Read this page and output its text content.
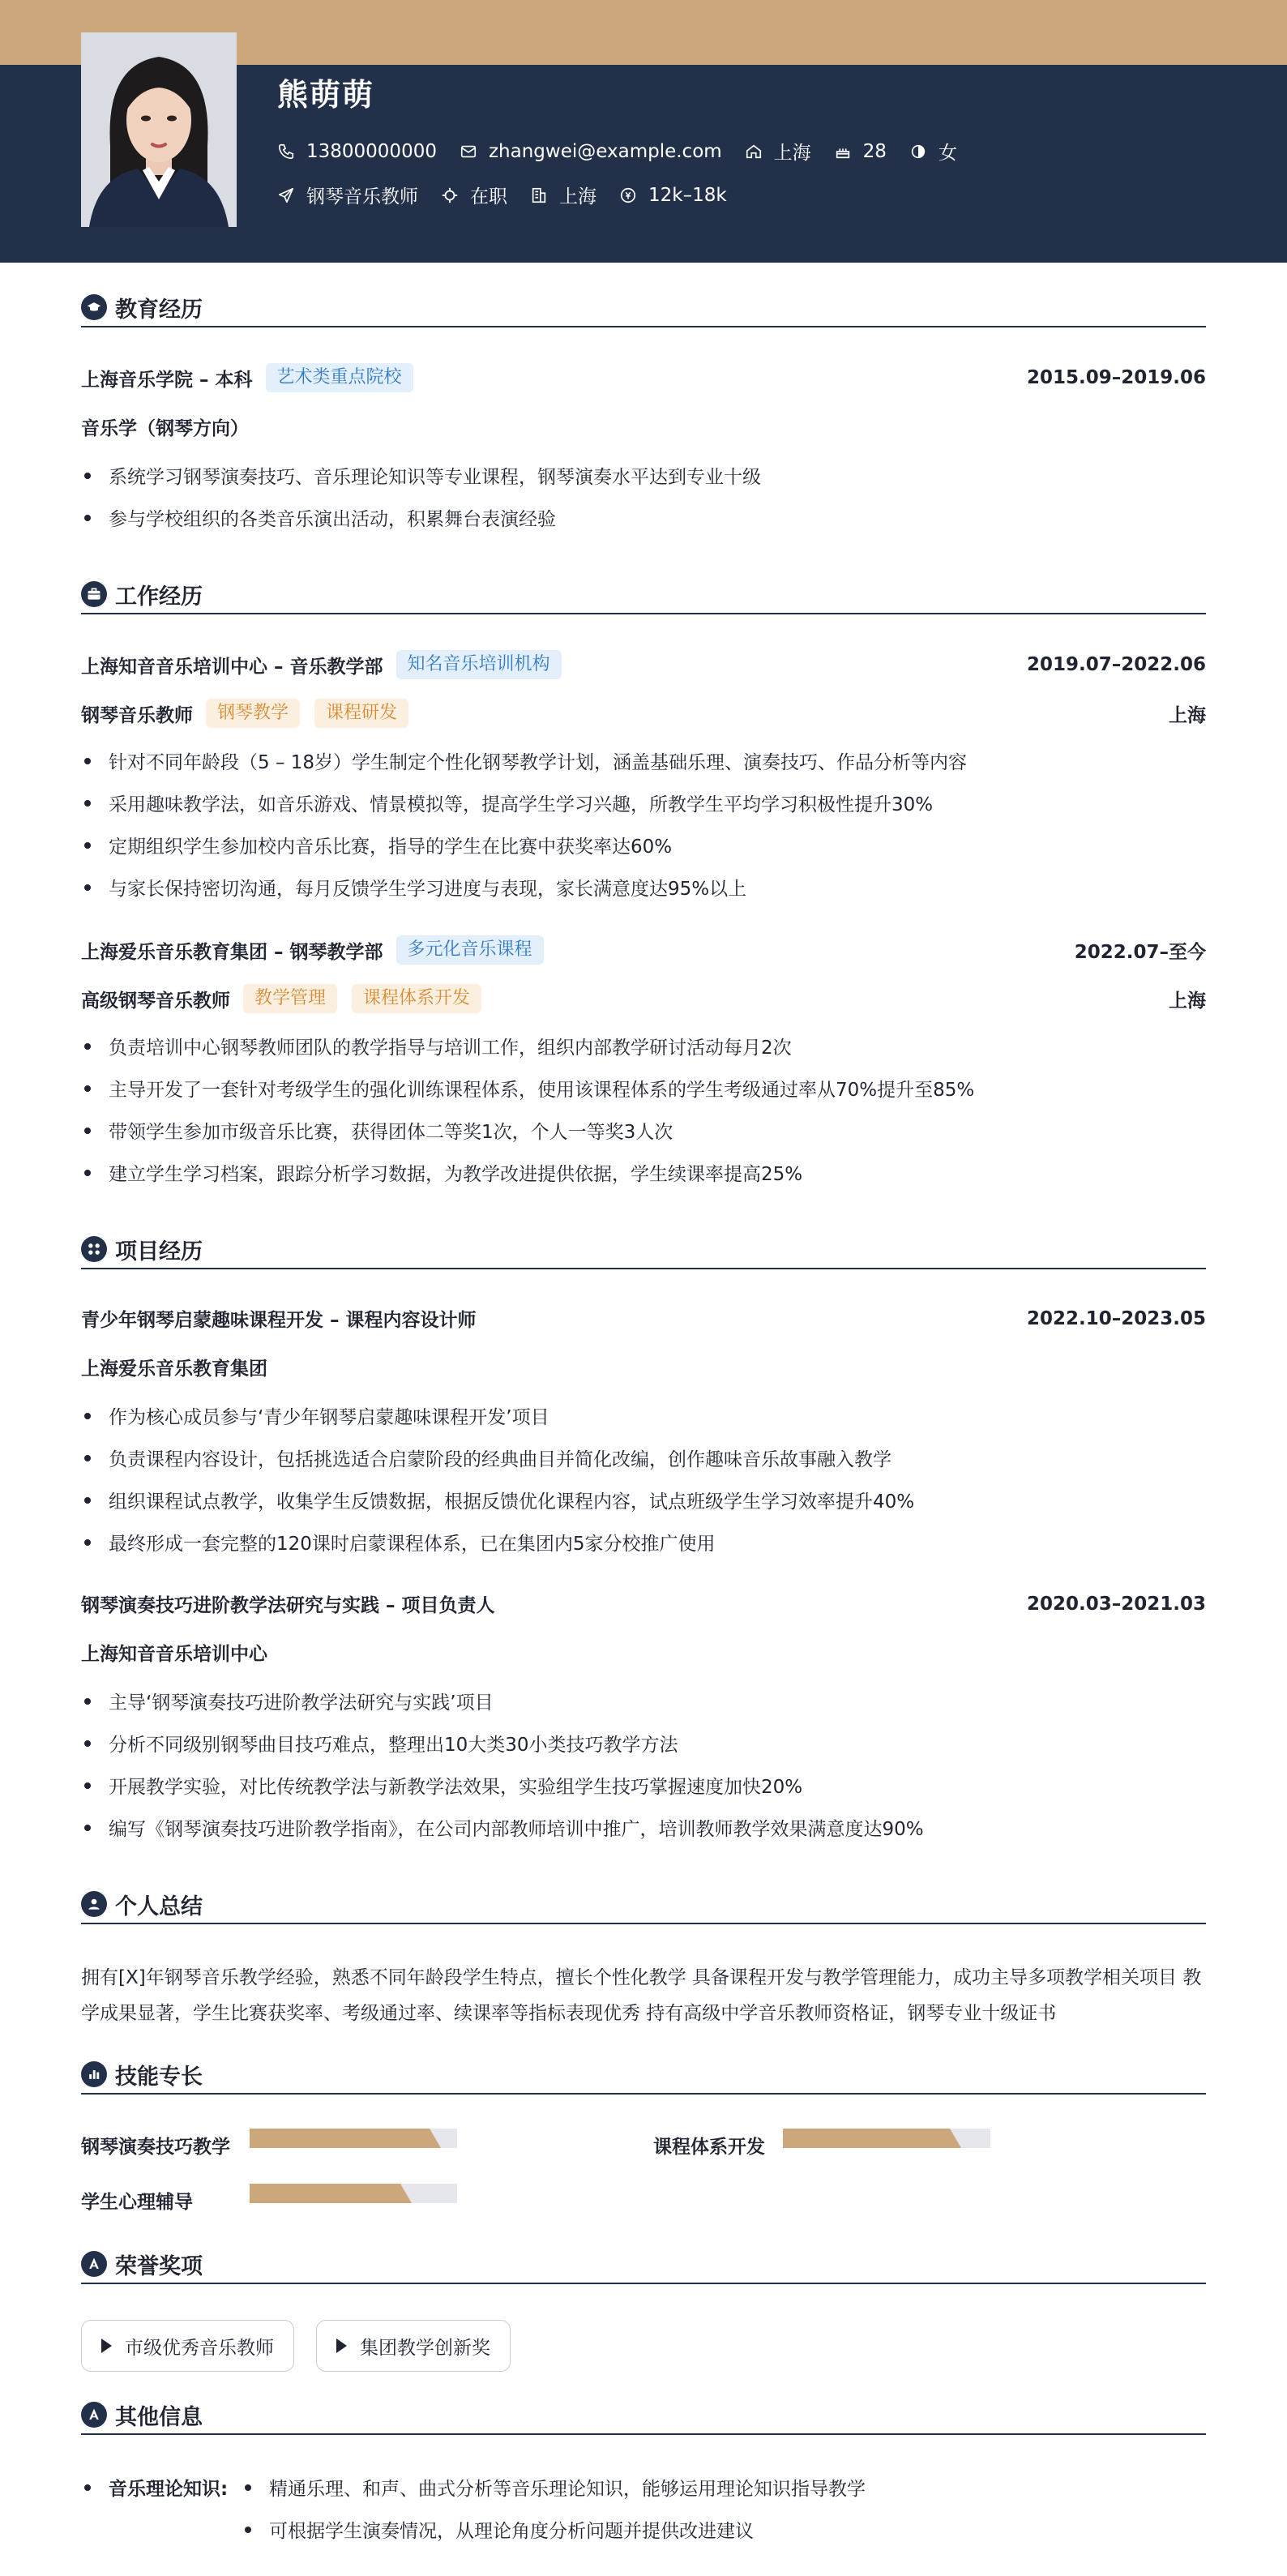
熊萌萌
13800000000	zhangwei@example.com	上海	28	女
钢琴音乐教师	在职	上海	12k–18k
教育经历
上海音乐学院 – 本科	艺术类重点院校	2015.09–2019.06
音乐学（钢琴方向）
系统学习钢琴演奏技巧、音乐理论知识等专业课程，钢琴演奏水平达到专业十级
参与学校组织的各类音乐演出活动，积累舞台表演经验
工作经历
上海知音音乐培训中心 – 音乐教学部	知名音乐培训机构	2019.07–2022.06
钢琴音乐教师	钢琴教学	课程研发	上海
针对不同年龄段（5 – 18岁）学生制定个性化钢琴教学计划，涵盖基础乐理、演奏技巧、作品分析等内容
采用趣味教学法，如音乐游戏、情景模拟等，提高学生学习兴趣，所教学生平均学习积极性提升30%
定期组织学生参加校内音乐比赛，指导的学生在比赛中获奖率达60%
与家长保持密切沟通，每月反馈学生学习进度与表现，家长满意度达95%以上
上海爱乐音乐教育集团 – 钢琴教学部	多元化音乐课程	2022.07–至今
高级钢琴音乐教师	教学管理	课程体系开发	上海
负责培训中心钢琴教师团队的教学指导与培训工作，组织内部教学研讨活动每月2次
主导开发了一套针对考级学生的强化训练课程体系，使用该课程体系的学生考级通过率从70%提升至85%
带领学生参加市级音乐比赛，获得团体二等奖1次，个人一等奖3人次
建立学生学习档案，跟踪分析学习数据，为教学改进提供依据，学生续课率提高25%
项目经历
青少年钢琴启蒙趣味课程开发 – 课程内容设计师	2022.10–2023.05
上海爱乐音乐教育集团
作为核心成员参与‘青少年钢琴启蒙趣味课程开发’项目
负责课程内容设计，包括挑选适合启蒙阶段的经典曲目并简化改编，创作趣味音乐故事融入教学
组织课程试点教学，收集学生反馈数据，根据反馈优化课程内容，试点班级学生学习效率提升40%
最终形成一套完整的120课时启蒙课程体系，已在集团内5家分校推广使用
钢琴演奏技巧进阶教学法研究与实践 – 项目负责人	2020.03–2021.03
上海知音音乐培训中心
主导‘钢琴演奏技巧进阶教学法研究与实践’项目
分析不同级别钢琴曲目技巧难点，整理出10大类30小类技巧教学方法
开展教学实验，对比传统教学法与新教学法效果，实验组学生技巧掌握速度加快20%
编写《钢琴演奏技巧进阶教学指南》，在公司内部教师培训中推广，培训教师教学效果满意度达90%
个人总结
拥有[X]年钢琴音乐教学经验，熟悉不同年龄段学生特点，擅长个性化教学 具备课程开发与教学管理能力，成功主导多项教学相关项目 教学成果显著，学生比赛获奖率、考级通过率、续课率等指标表现优秀 持有高级中学音乐教师资格证，钢琴专业十级证书
技能专长
钢琴演奏技巧教学	课程体系开发
学生心理辅导
荣誉奖项
市级优秀音乐教师	集团教学创新奖
其他信息
音乐理论知识:	精通乐理、和声、曲式分析等音乐理论知识，能够运用理论知识指导教学
可根据学生演奏情况，从理论角度分析问题并提供改进建议
